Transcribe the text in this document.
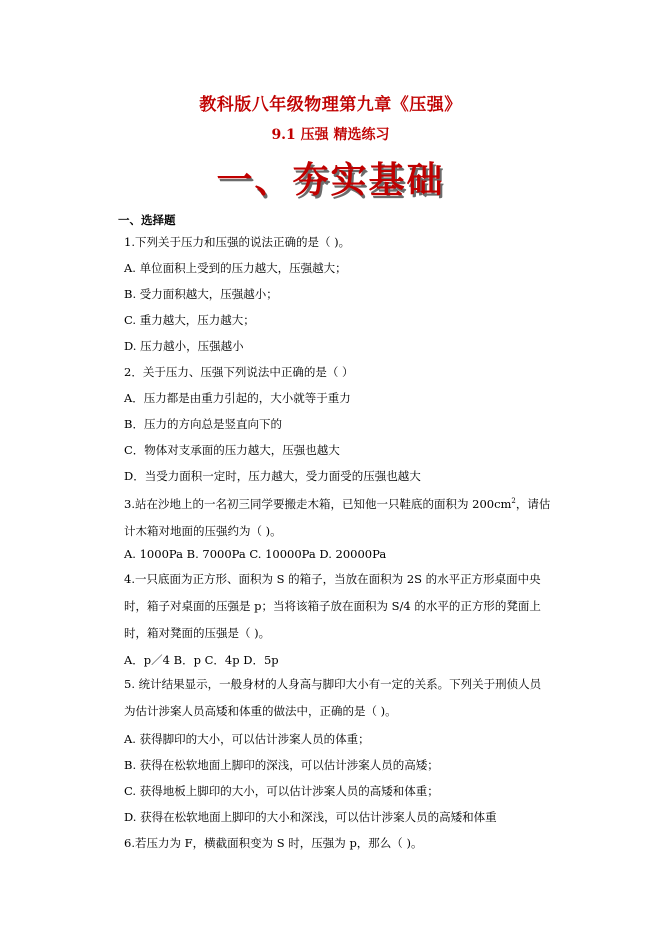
教科版八年级物理第九章《压强》
9.1 压强 精选练习
一、夯实基础
一、选择题
1.下列关于压力和压强的说法正确的是（ )。
A. 单位面积上受到的压力越大，压强越大；
B. 受力面积越大，压强越小；
C. 重力越大，压力越大；
D. 压力越小，压强越小
2．关于压力、压强下列说法中正确的是（ ）
A．压力都是由重力引起的，大小就等于重力
B．压力的方向总是竖直向下的
C．物体对支承面的压力越大，压强也越大
D．当受力面积一定时，压力越大，受力面受的压强也越大
3.站在沙地上的一名初三同学要搬走木箱，已知他一只鞋底的面积为 $200cm^2$，请估计木箱对地面的压强约为（ )。
A. 1000Pa B. 7000Pa C. 10000Pa D. 20000Pa
4.一只底面为正方形、面积为 S 的箱子，当放在面积为 2S 的水平正方形桌面中央时，箱子对桌面的压强是 p；当将该箱子放在面积为 S/4 的水平的正方形的凳面上时，箱对凳面的压强是（ )。
A．p／4 B．p C．4p D．5p
5. 统计结果显示，一般身材的人身高与脚印大小有一定的关系。下列关于刑侦人员为估计涉案人员高矮和体重的做法中，正确的是（ )。
A. 获得脚印的大小，可以估计涉案人员的体重；
B. 获得在松软地面上脚印的深浅，可以估计涉案人员的高矮；
C. 获得地板上脚印的大小，可以估计涉案人员的高矮和体重；
D. 获得在松软地面上脚印的大小和深浅，可以估计涉案人员的高矮和体重
6.若压力为 F，横截面积变为 S 时，压强为 p，那么（ )。
